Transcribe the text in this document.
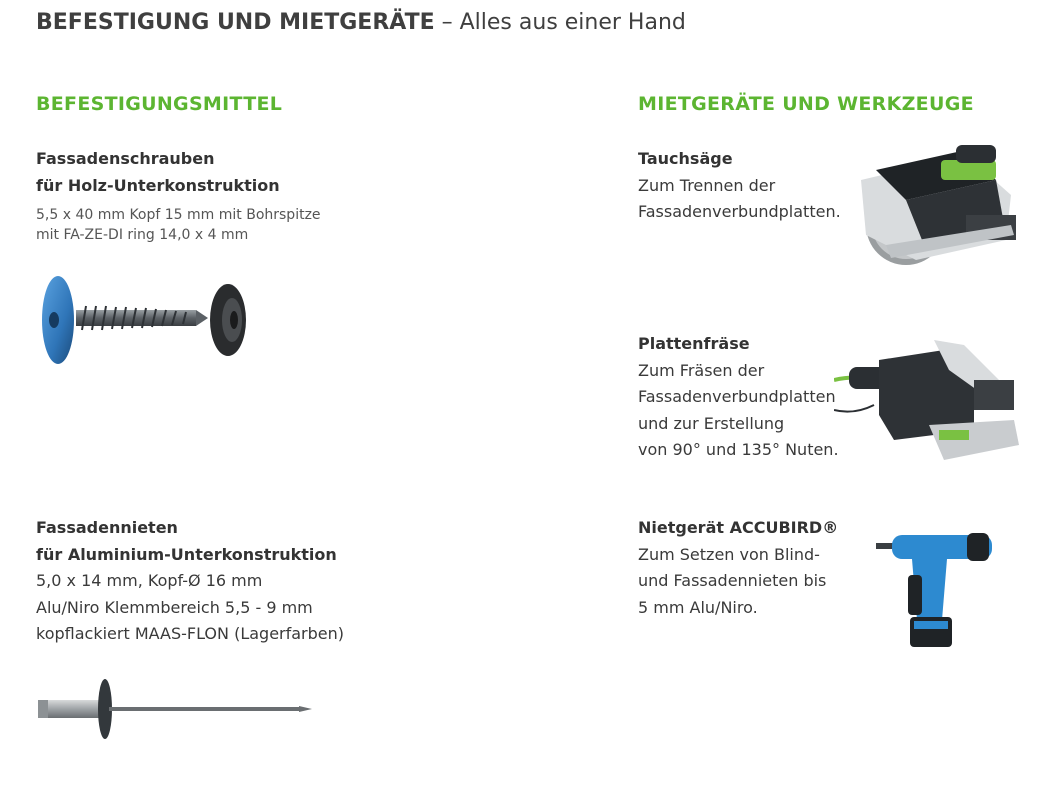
BEFESTIGUNG UND MIETGERÄTE – Alles aus einer Hand
BEFESTIGUNGSMITTEL	MIETGERÄTE UND WERKZEUGE
Fassadenschrauben
für Holz-Unterkonstruktion
5,5 x 40 mm Kopf 15 mm mit Bohrspitze
mit FA-ZE-DI ring 14,0 x 4 mm
Fassadennieten
für Aluminium-Unterkonstruktion
5,0 x 14 mm, Kopf-Ø 16 mm
Alu/Niro Klemmbereich 5,5 - 9 mm
kopflackiert MAAS-FLON (Lagerfarben)
Tauchsäge
Zum Trennen der
Fassadenverbundplatten.
Plattenfräse
Zum Fräsen der
Fassadenverbundplatten
und zur Erstellung
von 90° und 135° Nuten.
Nietgerät ACCUBIRD®
Zum Setzen von Blind-
und Fassadennieten bis
5 mm Alu/Niro.
